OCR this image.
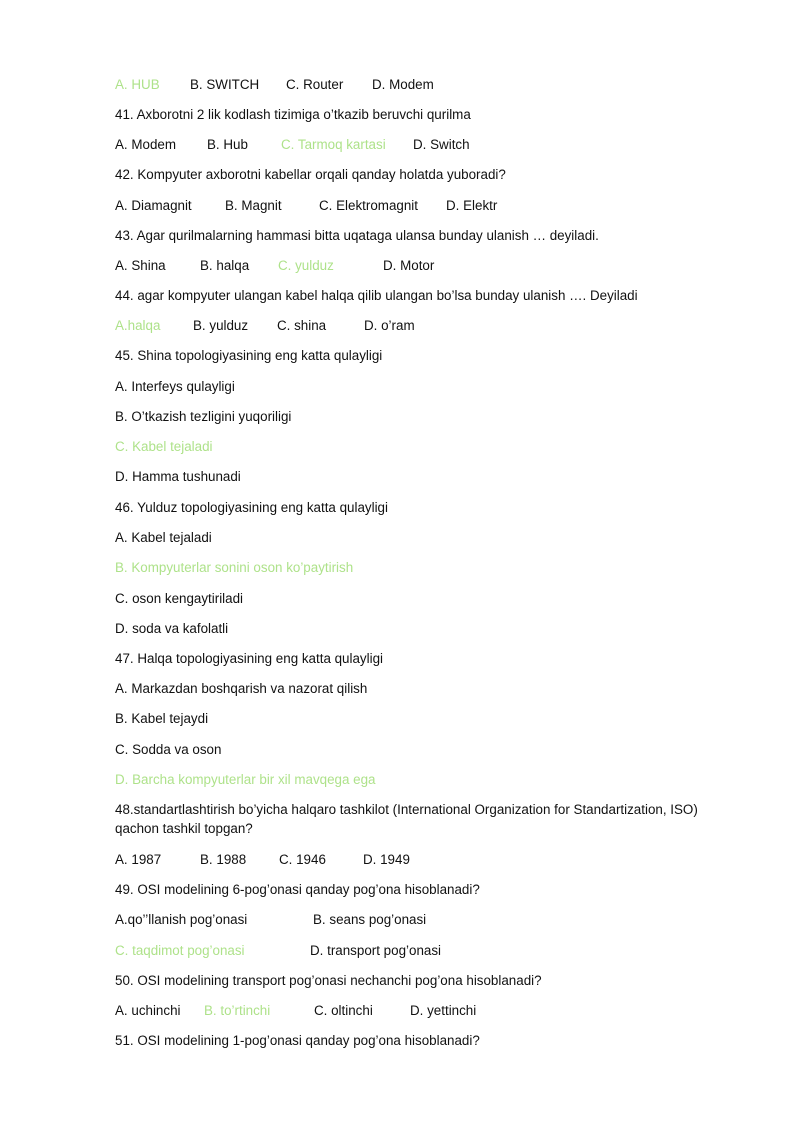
A. HUB B. SWITCH C. Router D. Modem
41. Axborotni 2 lik kodlash tizimiga o’tkazib beruvchi qurilma
A. Modem B. Hub C. Tarmoq kartasi D. Switch
42. Kompyuter axborotni kabellar orqali qanday holatda yuboradi?
A. Diamagnit B. Magnit	C. Elektromagnit D. Elektr
43. Agar qurilmalarning hammasi bitta uqataga ulansa bunday ulanish … deyiladi.
A. Shina	B. halqa C. yulduz	D. Motor
44. agar kompyuter ulangan kabel halqa qilib ulangan bo’lsa bunday ulanish …. Deyiladi
A.halqa B. yulduz C. shina	D. o’ram
45. Shina topologiyasining eng katta qulayligi
A. Interfeys qulayligi
B. O’tkazish tezligini yuqoriligi
C. Kabel tejaladi
D. Hamma tushunadi
46. Yulduz topologiyasining eng katta qulayligi
A. Kabel tejaladi
B. Kompyuterlar sonini oson ko’paytirish
C. oson kengaytiriladi
D. soda va kafolatli
47. Halqa topologiyasining eng katta qulayligi
A. Markazdan boshqarish va nazorat qilish
B. Kabel tejaydi
C. Sodda va oson
D. Barcha kompyuterlar bir xil mavqega ega
48.standartlashtirish bo’yicha halqaro tashkilot (International Organization for Standartization, ISO) qachon tashkil topgan?
A. 1987	B. 1988 C. 1946	D. 1949
49. OSI modelining 6-pog’onasi qanday pog’ona hisoblanadi?
A.qo’’llanish pog’onasi	B. seans pog’onasi
C. taqdimot pog’onasi	D. transport pog’onasi
50. OSI modelining transport pog’onasi nechanchi pog’ona hisoblanadi?
A. uchinchi B. to’rtinchi	C. oltinchi	D. yettinchi
51. OSI modelining 1-pog’onasi qanday pog’ona hisoblanadi?
